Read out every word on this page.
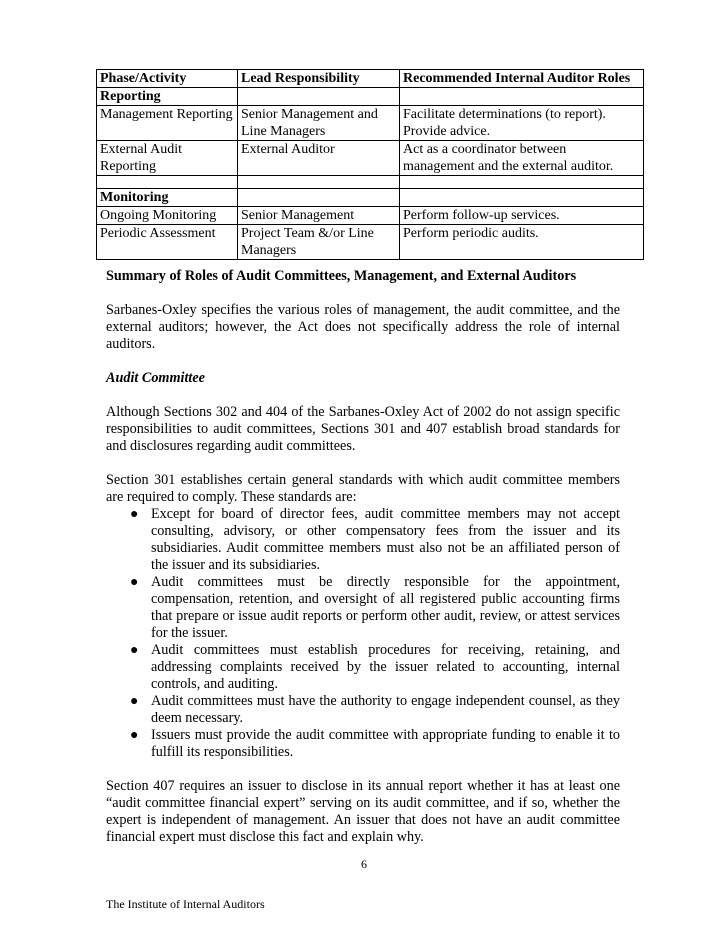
Phase/Activity	Lead Responsibility	Recommended Internal Auditor Roles
Reporting		
Management Reporting	Senior Management and Line Managers	Facilitate determinations (to report). Provide advice.
External Audit Reporting	External Auditor	Act as a coordinator between management and the external auditor.

Monitoring		
Ongoing Monitoring	Senior Management	Perform follow-up services.
Periodic Assessment	Project Team &/or Line Managers	Perform periodic audits.

Summary of Roles of Audit Committees, Management, and External Auditors

Sarbanes-Oxley specifies the various roles of management, the audit committee, and the external auditors; however, the Act does not specifically address the role of internal auditors.

Audit Committee

Although Sections 302 and 404 of the Sarbanes-Oxley Act of 2002 do not assign specific responsibilities to audit committees, Sections 301 and 407 establish broad standards for and disclosures regarding audit committees.

Section 301 establishes certain general standards with which audit committee members are required to comply. These standards are:

● Except for board of director fees, audit committee members may not accept consulting, advisory, or other compensatory fees from the issuer and its subsidiaries. Audit committee members must also not be an affiliated person of the issuer and its subsidiaries.
● Audit committees must be directly responsible for the appointment, compensation, retention, and oversight of all registered public accounting firms that prepare or issue audit reports or perform other audit, review, or attest services for the issuer.
● Audit committees must establish procedures for receiving, retaining, and addressing complaints received by the issuer related to accounting, internal controls, and auditing.
● Audit committees must have the authority to engage independent counsel, as they deem necessary.
● Issuers must provide the audit committee with appropriate funding to enable it to fulfill its responsibilities.

Section 407 requires an issuer to disclose in its annual report whether it has at least one “audit committee financial expert” serving on its audit committee, and if so, whether the expert is independent of management. An issuer that does not have an audit committee financial expert must disclose this fact and explain why.

6
The Institute of Internal Auditors
